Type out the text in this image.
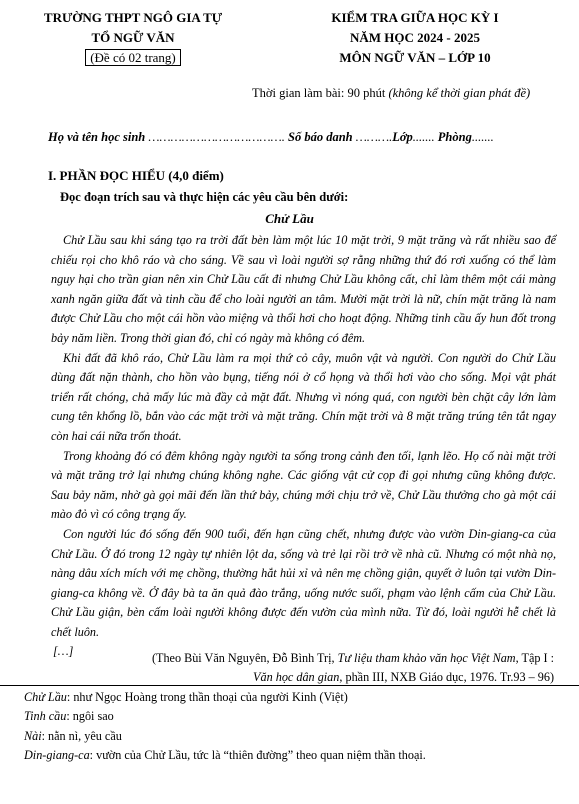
TRƯỜNG THPT NGÔ GIA TỰ
TỔ NGỮ VĂN
(Đề có 02 trang)
KIỂM TRA GIỮA HỌC KỲ I
NĂM HỌC 2024 - 2025
MÔN NGỮ VĂN – LỚP 10
Thời gian làm bài: 90 phút (không kể thời gian phát đề)
Họ và tên học sinh ………………………………. Số báo danh ……….Lớp....... Phòng.......
I. PHẦN ĐỌC HIỂU (4,0 điểm)
Đọc đoạn trích sau và thực hiện các yêu cầu bên dưới:
Chử Lầu

Chử Lầu sau khi sáng tạo ra trời đất bèn làm một lúc 10 mặt trời, 9 mặt trăng và rất nhiều sao để chiếu rọi cho khô ráo và cho sáng. Về sau vì loài người sợ rằng những thứ đó rơi xuống có thể làm nguy hại cho trần gian nên xin Chử Lầu cất đi nhưng Chử Lầu không cất, chỉ làm thêm một cái màng xanh ngăn giữa đất và tinh cầu để cho loài người an tâm. Mười mặt trời là nữ, chín mặt trăng là nam được Chử Lầu cho một cái hồn vào miệng và thổi hơi cho hoạt động. Những tinh cầu ấy hun đốt trong bảy năm liền. Trong thời gian đó, chỉ có ngày mà không có đêm.

Khi đất đã khô ráo, Chử Lầu làm ra mọi thứ cỏ cây, muôn vật và người. Con người do Chử Lầu dùng đất nặn thành, cho hồn vào bụng, tiếng nói ở cổ họng và thổi hơi vào cho sống. Mọi vật phát triển rất chóng, chả mấy lúc mà đầy cả mặt đất. Nhưng vì nóng quá, con người bèn chặt cây lớn làm cung tên khổng lồ, bắn vào các mặt trời và mặt trăng. Chín mặt trời và 8 mặt trăng trúng tên tắt ngay còn hai cái nữa trốn thoát.

Trong khoảng đó có đêm không ngày người ta sống trong cảnh đen tối, lạnh lẽo. Họ cố nài mặt trời và mặt trăng trở lại nhưng chúng không nghe. Các giống vật cử cọp đi gọi nhưng cũng không được. Sau bảy năm, nhờ gà gọi mãi đến lần thứ bảy, chúng mới chịu trở về, Chử Lầu thưởng cho gà một cái mào đỏ vì có công trạng ấy.

Con người lúc đó sống đến 900 tuổi, đến hạn cũng chết, nhưng được vào vườn Din-giang-ca của Chử Lầu. Ở đó trong 12 ngày tự nhiên lột da, sống và trẻ lại rồi trở về nhà cũ. Nhưng có một nhà nọ, nàng dâu xích mích với mẹ chồng, thường hắt hủi xỉ vả nên mẹ chồng giận, quyết ở luôn tại vườn Din-giang-ca không về. Ở đây bà ta ăn quả đào trắng, uống nước suối, phạm vào lệnh cấm của Chử Lầu. Chử Lầu giận, bèn cấm loài người không được đến vườn của mình nữa. Từ đó, loài người hễ chết là chết luôn.

[…]	(Theo Bùi Văn Nguyên, Đỗ Bình Trị, Tư liệu tham khảo văn học Việt Nam, Tập I :
Văn học dân gian, phần III, NXB Giáo dục, 1976. Tr.93 – 96)
Chử Lầu: như Ngọc Hoàng trong thần thoại của người Kinh (Việt)
Tinh cầu: ngôi sao
Nài: nằn nì, yêu cầu
Din-giang-ca: vườn của Chử Lầu, tức là “thiên đường” theo quan niệm thần thoại.
